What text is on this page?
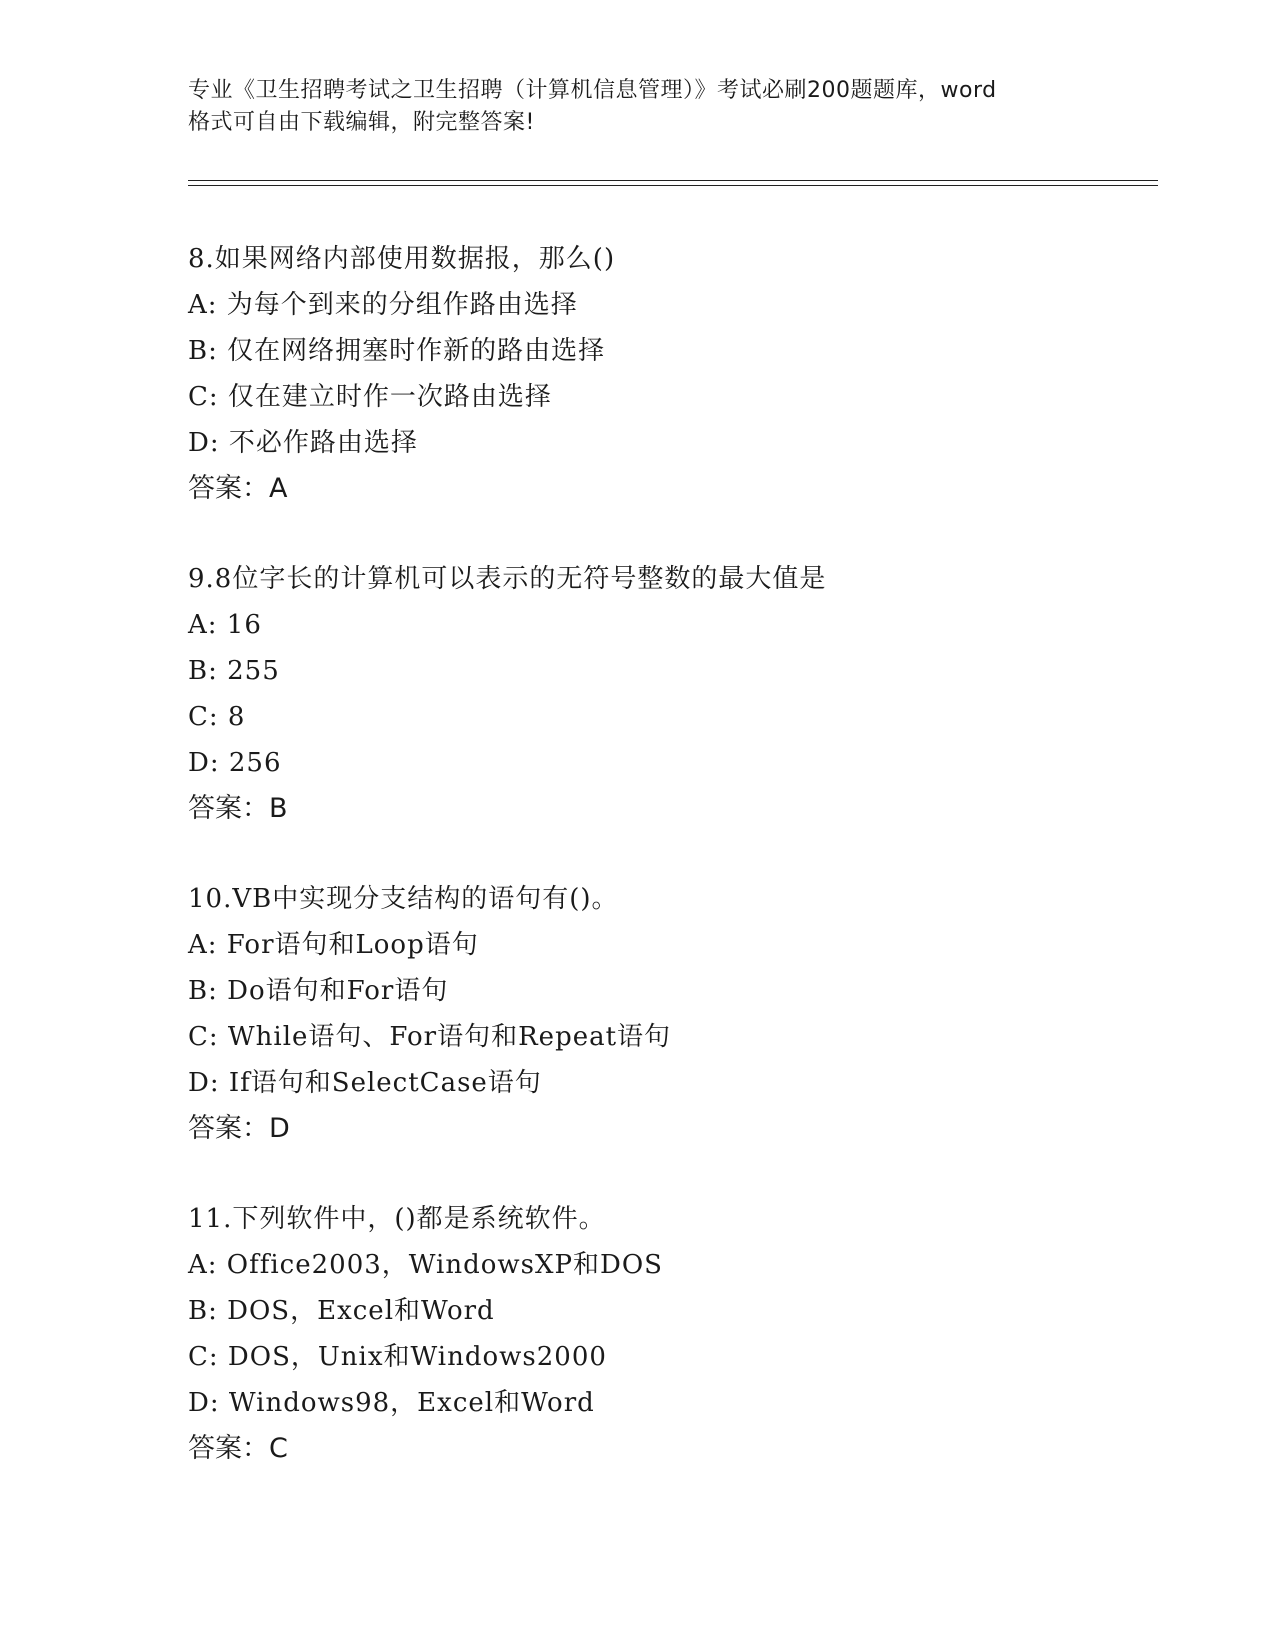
专业《卫生招聘考试之卫生招聘（计算机信息管理）》考试必刷200题题库，word
格式可自由下载编辑，附完整答案!
8.如果网络内部使用数据报，那么()
A: 为每个到来的分组作路由选择
B: 仅在网络拥塞时作新的路由选择
C: 仅在建立时作一次路由选择
D: 不必作路由选择
答案：A
9.8位字长的计算机可以表示的无符号整数的最大值是
A: 16
B: 255
C: 8
D: 256
答案：B
10.VB中实现分支结构的语句有()。
A: For语句和Loop语句
B: Do语句和For语句
C: While语句、For语句和Repeat语句
D: If语句和SelectCase语句
答案：D
11.下列软件中，()都是系统软件。
A: Office2003，WindowsXP和DOS
B: DOS，Excel和Word
C: DOS，Unix和Windows2000
D: Windows98，Excel和Word
答案：C
